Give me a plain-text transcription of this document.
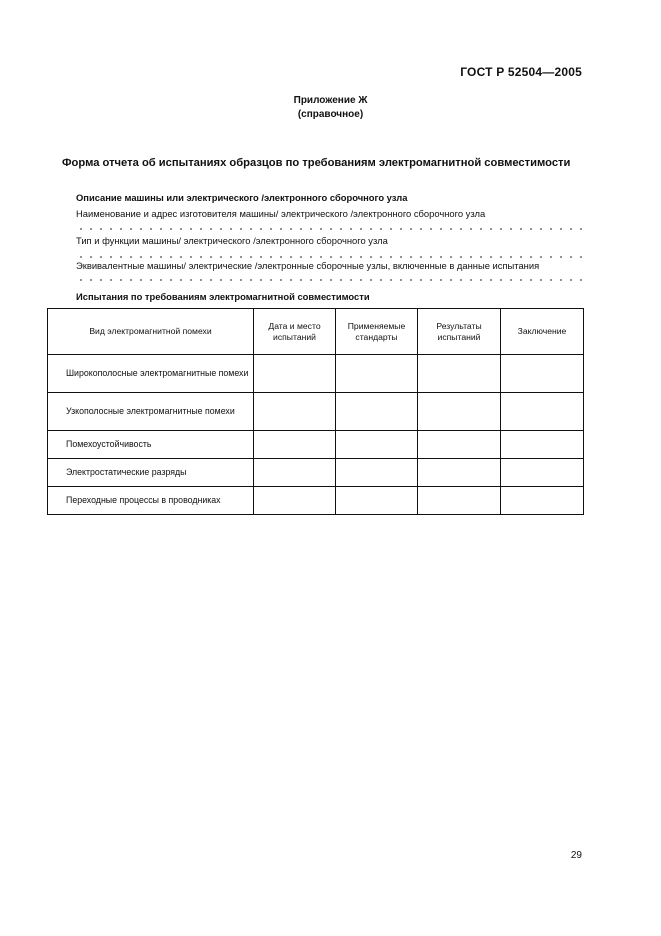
ГОСТ Р 52504—2005
Приложение Ж
(справочное)
Форма отчета об испытаниях образцов по требованиям электромагнитной совместимости
Описание машины или электрического /электронного сборочного узла
Наименование и адрес изготовителя машины/ электрического /электронного сборочного узла
Тип и функции машины/ электрического /электронного сборочного узла
Эквивалентные машины/ электрические /электронные сборочные узлы, включенные в данные испытания
Испытания по требованиям электромагнитной совместимости
Вид электромагнитной помехи	Дата и место испытаний	Применяемые стандарты	Результаты испытаний	Заключение
Широкополосные электромагнитные помехи				
Узкополосные электромагнитные помехи				
Помехоустойчивость				
Электростатические разряды				
Переходные процессы в проводниках				
29
